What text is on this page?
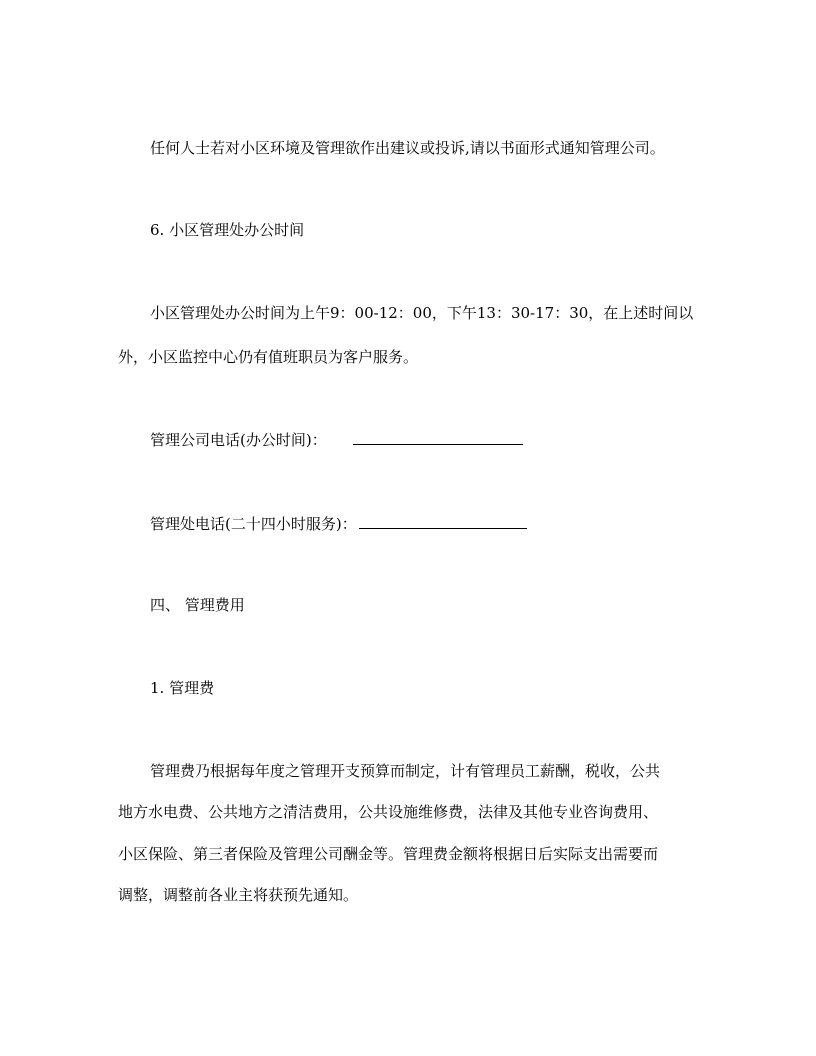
任何人士若对小区环境及管理欲作出建议或投诉,请以书面形式通知管理公司。
6. 小区管理处办公时间
小区管理处办公时间为上午9：00-12：00，下午13：30-17：30，在上述时间以
外，小区监控中心仍有值班职员为客户服务。
管理公司电话(办公时间)：
管理处电话(二十四小时服务)：
四、 管理费用
1. 管理费
管理费乃根据每年度之管理开支预算而制定，计有管理员工薪酬，税收，公共
地方水电费、公共地方之清洁费用，公共设施维修费，法律及其他专业咨询费用、
小区保险、第三者保险及管理公司酬金等。管理费金额将根据日后实际支出需要而
调整，调整前各业主将获预先通知。
